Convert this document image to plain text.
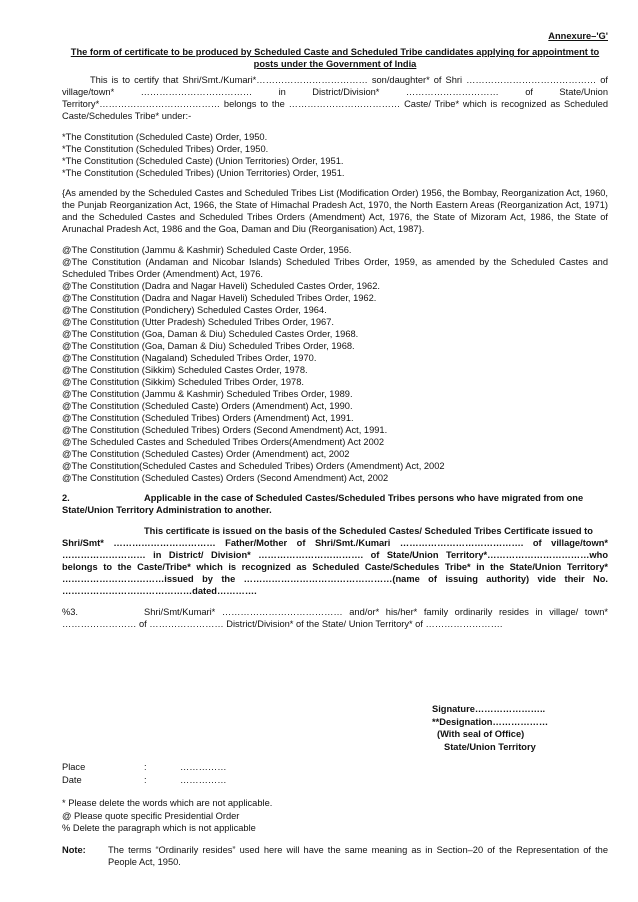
Annexure–'G'
The form of certificate to be produced by Scheduled Caste and Scheduled Tribe candidates applying for appointment to posts under the Government of India
This is to certify that Shri/Smt./Kumari*……………………………… son/daughter* of Shri …………………………………… of village/town* ……………………………… in District/Division* ………………………… of State/Union Territory*………………………………… belongs to the ……………………………… Caste/ Tribe* which is recognized as Scheduled Caste/Schedules Tribe* under:-
*The Constitution (Scheduled Caste) Order, 1950.
*The Constitution (Scheduled Tribes) Order, 1950.
*The Constitution (Scheduled Caste) (Union Territories) Order, 1951.
*The Constitution (Scheduled Tribes) (Union Territories) Order, 1951.
{As amended by the Scheduled Castes and Scheduled Tribes List (Modification Order) 1956, the Bombay, Reorganization Act, 1960, the Punjab Reorganization Act, 1966, the State of Himachal Pradesh Act, 1970, the North Eastern Areas (Reorganization Act, 1971) and the Scheduled Castes and Scheduled Tribes Orders (Amendment) Act, 1976, the State of Mizoram Act, 1986, the State of Arunachal Pradesh Act, 1986 and the Goa, Daman and Diu (Reorganisation) Act, 1987}.
@The Constitution (Jammu & Kashmir) Scheduled Caste Order, 1956.
@The Constitution (Andaman and Nicobar Islands) Scheduled Tribes Order, 1959, as amended by the Scheduled Castes and Scheduled Tribes Order (Amendment) Act, 1976.
@The Constitution (Dadra and Nagar Haveli) Scheduled Castes Order, 1962.
@The Constitution (Dadra and Nagar Haveli) Scheduled Tribes Order, 1962.
@The Constitution (Pondichery) Scheduled Castes Order, 1964.
@The Constitution (Utter Pradesh) Scheduled Tribes Order, 1967.
@The Constitution (Goa, Daman & Diu) Scheduled Castes Order, 1968.
@The Constitution (Goa, Daman & Diu) Scheduled Tribes Order, 1968.
@The Constitution (Nagaland) Scheduled Tribes Order, 1970.
@The Constitution (Sikkim) Scheduled Castes Order, 1978.
@The Constitution (Sikkim) Scheduled Tribes Order, 1978.
@The Constitution (Jammu & Kashmir) Scheduled Tribes Order, 1989.
@The Constitution (Scheduled Caste) Orders (Amendment) Act, 1990.
@The Constitution (Scheduled Tribes) Orders (Amendment) Act, 1991.
@The Constitution (Scheduled Tribes) Orders (Second Amendment) Act, 1991.
@The Scheduled Castes and Scheduled Tribes Orders(Amendment) Act 2002
@The Constitution (Scheduled Castes) Order (Amendment) act, 2002
@The Constitution(Scheduled Castes and Scheduled Tribes) Orders (Amendment) Act, 2002
@The Constitution (Scheduled Castes) Orders (Second Amendment) Act, 2002
2.	Applicable in the case of Scheduled Castes/Scheduled Tribes persons who have migrated from one
State/Union Territory Administration to another.
This certificate is issued on the basis of the Scheduled Castes/ Scheduled Tribes Certificate issued to
Shri/Smt* …………………………… Father/Mother of Shri/Smt./Kumari …………………………………. of village/town* ……………………… in District/ Division* ……………………………. of State/Union Territory*……………………………who belongs to the Caste/Tribe* which is recognized as Scheduled Caste/Schedules Tribe* in the State/Union Territory* ……………………………issued by the …………………………………………(name of issuing authority) vide their No. ……………………………………dated………….
%3.	Shri/Smt/Kumari* ………………………………… and/or* his/her* family ordinarily resides in village/ town* …………………… of …………………… District/Division* of the State/ Union Territory* of …………………….
Signature…………………..
**Designation………………
(With seal of Office)
State/Union Territory
Place	:	……………
Date	:	……………
* Please delete the words which are not applicable.
@ Please quote specific Presidential Order
% Delete the paragraph which is not applicable
Note:	The terms “Ordinarily resides” used here will have the same meaning as in Section–20 of the Representation of the People Act, 1950.
